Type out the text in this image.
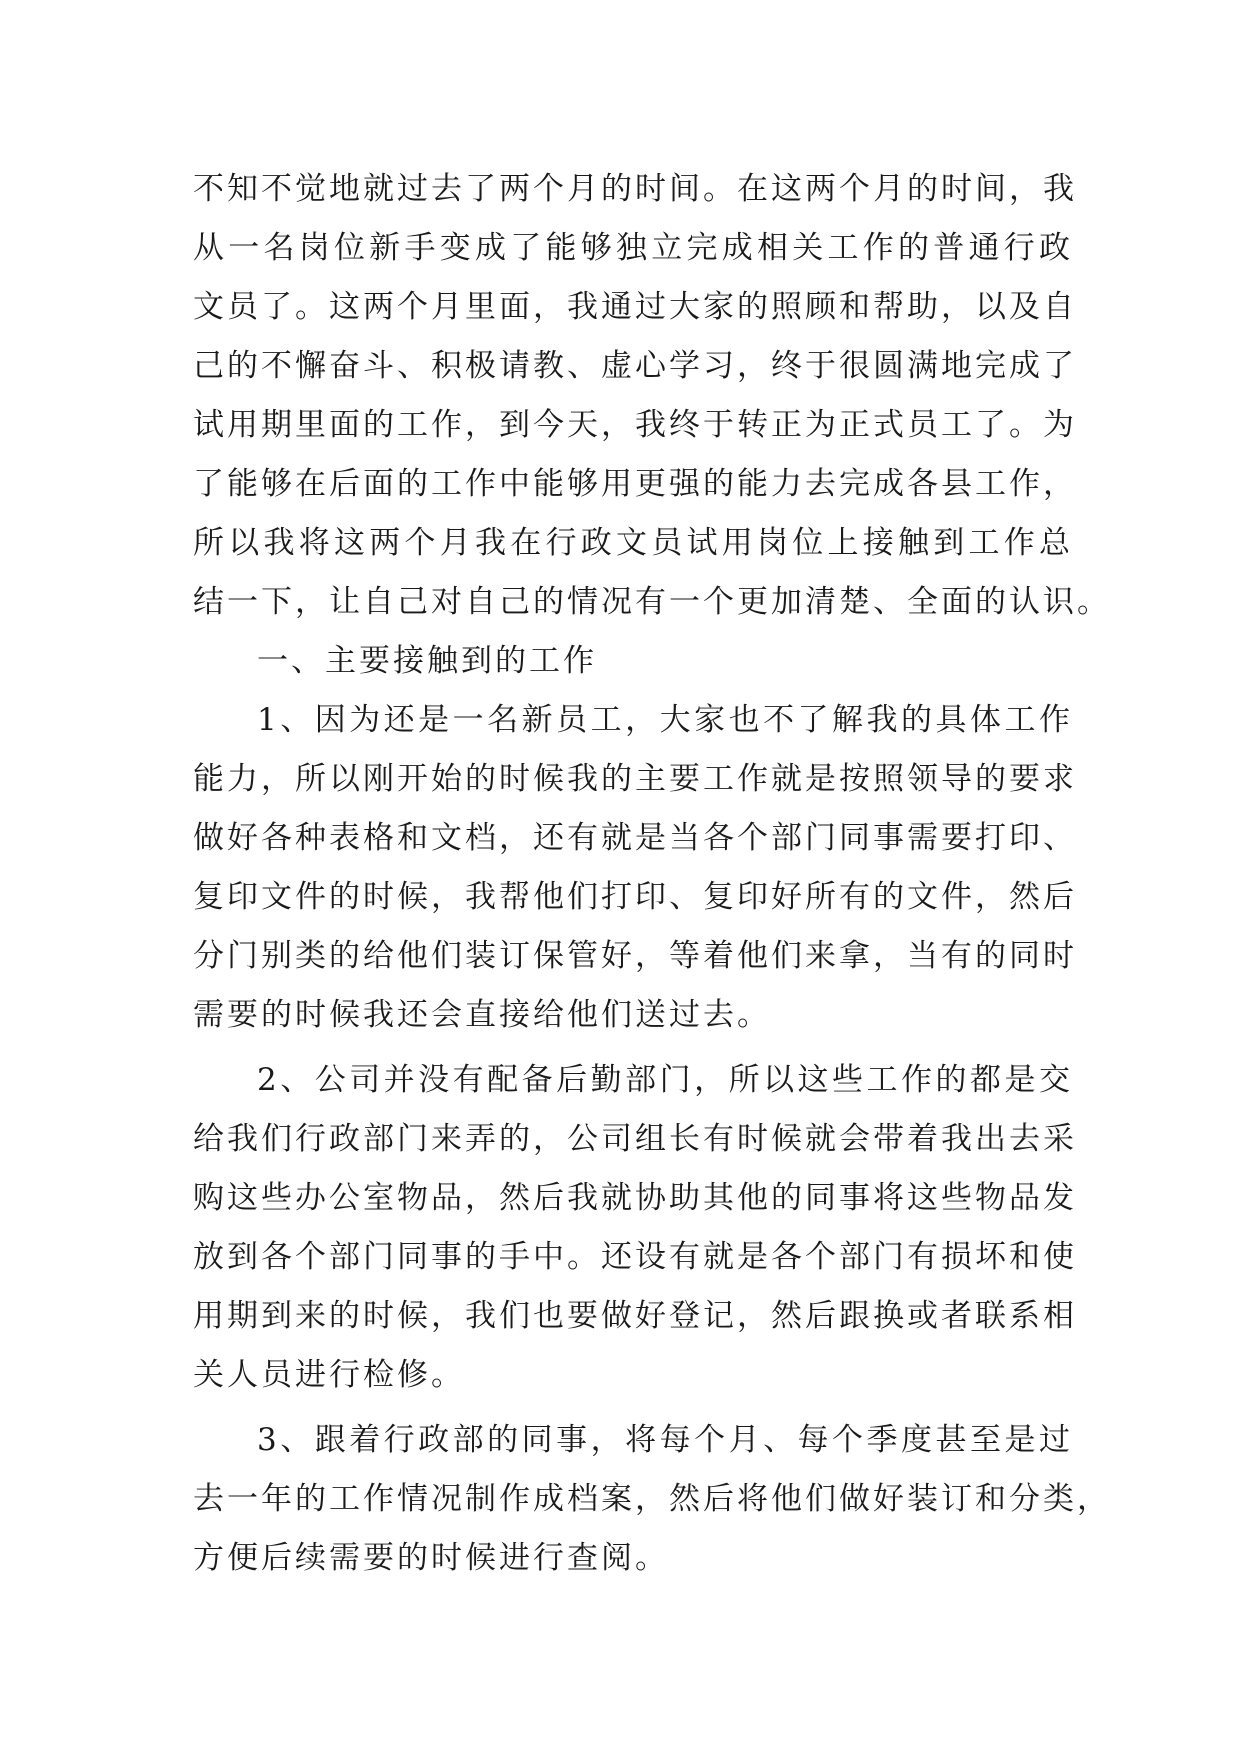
不知不觉地就过去了两个月的时间。在这两个月的时间，我
从一名岗位新手变成了能够独立完成相关工作的普通行政
文员了。这两个月里面，我通过大家的照顾和帮助，以及自
己的不懈奋斗、积极请教、虚心学习，终于很圆满地完成了
试用期里面的工作，到今天，我终于转正为正式员工了。为
了能够在后面的工作中能够用更强的能力去完成各县工作，
所以我将这两个月我在行政文员试用岗位上接触到工作总
结一下，让自己对自己的情况有一个更加清楚、全面的认识。
一、主要接触到的工作
1、因为还是一名新员工，大家也不了解我的具体工作
能力，所以刚开始的时候我的主要工作就是按照领导的要求
做好各种表格和文档，还有就是当各个部门同事需要打印、
复印文件的时候，我帮他们打印、复印好所有的文件，然后
分门别类的给他们装订保管好，等着他们来拿，当有的同时
需要的时候我还会直接给他们送过去。
2、公司并没有配备后勤部门，所以这些工作的都是交
给我们行政部门来弄的，公司组长有时候就会带着我出去采
购这些办公室物品，然后我就协助其他的同事将这些物品发
放到各个部门同事的手中。还设有就是各个部门有损坏和使
用期到来的时候，我们也要做好登记，然后跟换或者联系相
关人员进行检修。
3、跟着行政部的同事，将每个月、每个季度甚至是过
去一年的工作情况制作成档案，然后将他们做好装订和分类，
方便后续需要的时候进行查阅。
